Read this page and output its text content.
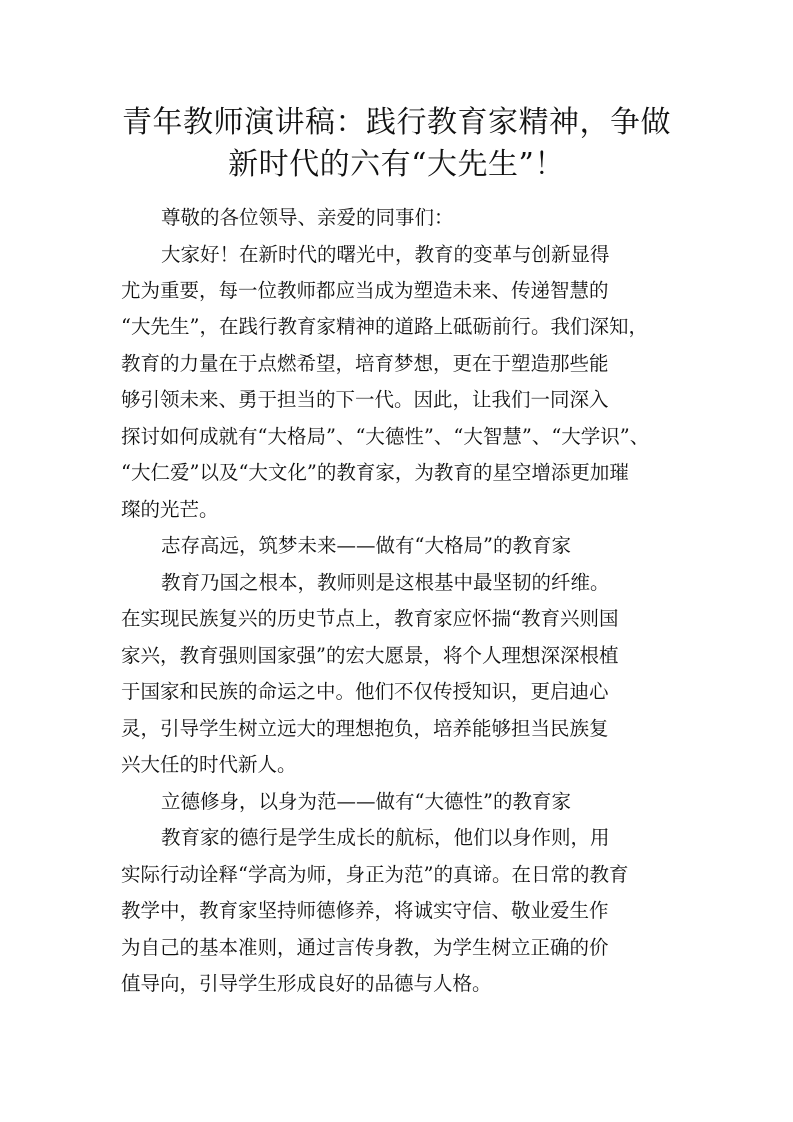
青年教师演讲稿：践行教育家精神，争做
新时代的六有“大先生”！
尊敬的各位领导、亲爱的同事们：
大家好！在新时代的曙光中，教育的变革与创新显得
尤为重要，每一位教师都应当成为塑造未来、传递智慧的
“大先生”，在践行教育家精神的道路上砥砺前行。我们深知，
教育的力量在于点燃希望，培育梦想，更在于塑造那些能
够引领未来、勇于担当的下一代。因此，让我们一同深入
探讨如何成就有“大格局”、“大德性”、“大智慧”、“大学识”、
“大仁爱”以及“大文化”的教育家，为教育的星空增添更加璀
璨的光芒。
志存高远，筑梦未来——做有“大格局”的教育家
教育乃国之根本，教师则是这根基中最坚韧的纤维。
在实现民族复兴的历史节点上，教育家应怀揣“教育兴则国
家兴，教育强则国家强”的宏大愿景，将个人理想深深根植
于国家和民族的命运之中。他们不仅传授知识，更启迪心
灵，引导学生树立远大的理想抱负，培养能够担当民族复
兴大任的时代新人。
立德修身，以身为范——做有“大德性”的教育家
教育家的德行是学生成长的航标，他们以身作则，用
实际行动诠释“学高为师，身正为范”的真谛。在日常的教育
教学中，教育家坚持师德修养，将诚实守信、敬业爱生作
为自己的基本准则，通过言传身教，为学生树立正确的价
值导向，引导学生形成良好的品德与人格。
